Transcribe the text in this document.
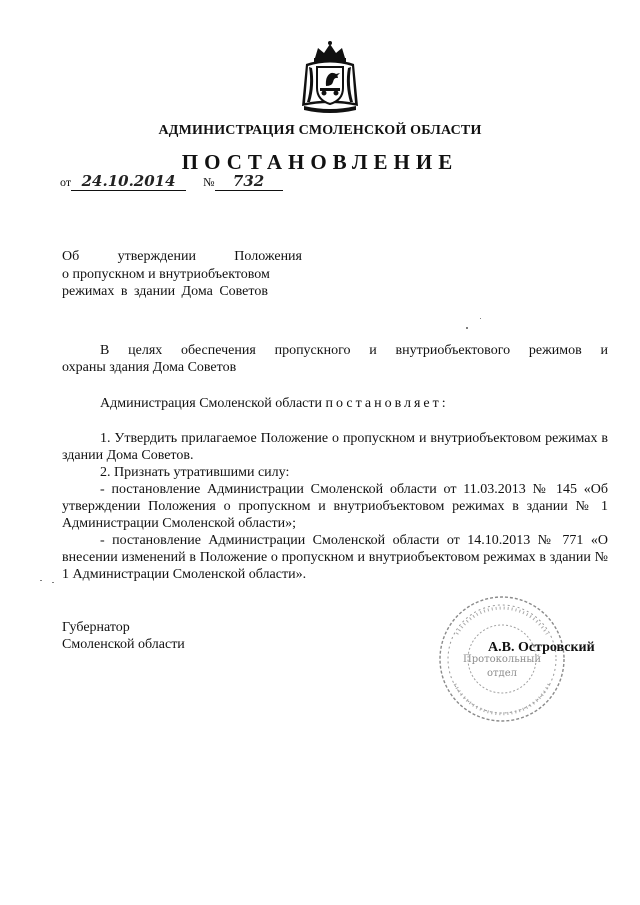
АДМИНИСТРАЦИЯ СМОЛЕНСКОЙ ОБЛАСТИ
ПОСТАНОВЛЕНИЕ
от 24.10.2014 № 732
Об утверждении Положения
о пропускном и внутриобъектовом
режимах в здании Дома Советов
В целях обеспечения пропускного и внутриобъектового режимов и
охраны здания Дома Советов
Администрация Смоленской области постановляет:
1. Утвердить прилагаемое Положение о пропускном и внутриобъектовом режимах в здании Дома Советов.
2. Признать утратившими силу:
- постановление Администрации Смоленской области от 11.03.2013 № 145 «Об утверждении Положения о пропускном и внутриобъектовом режимах в здании № 1 Администрации Смоленской области»;
- постановление Администрации Смоленской области от 14.10.2013 № 771 «О внесении изменений в Положение о пропускном и внутриобъектовом режимах в здании № 1 Администрации Смоленской области».
Губернатор
Смоленской области
Протокольный
отдел
А.В. Островский
